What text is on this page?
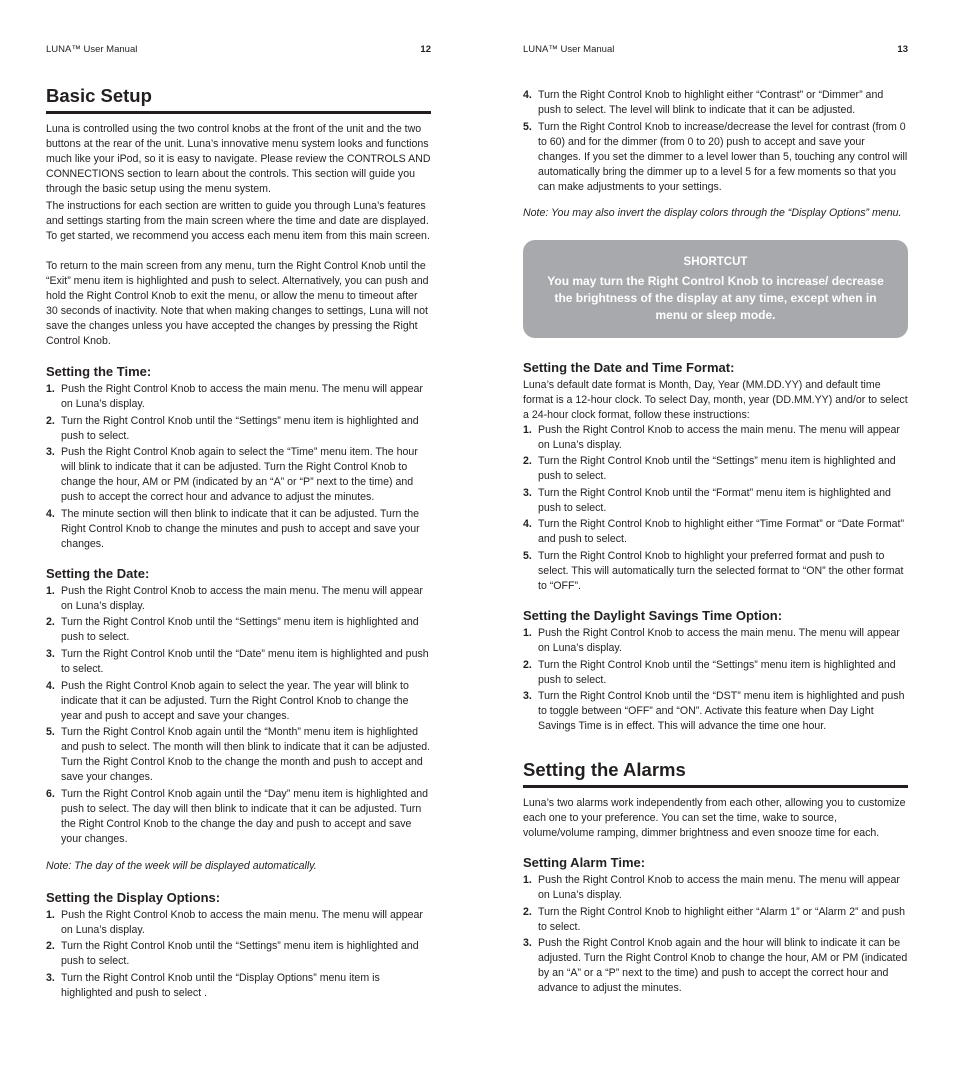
LUNA™ User Manual	12
Basic Setup

Luna is controlled using the two control knobs at the front of the unit and the two buttons at the rear of the unit. Luna’s innovative menu system looks and functions much like your iPod, so it is easy to navigate. Please review the CONTROLS AND CONNECTIONS section to learn about the controls. This section will guide you through the basic setup using the menu system.

The instructions for each section are written to guide you through Luna’s features and settings starting from the main screen where the time and date are displayed. To get started, we recommend you access each menu item from this main screen.

To return to the main screen from any menu, turn the Right Control Knob until the “Exit” menu item is highlighted and push to select. Alternatively, you can push and hold the Right Control Knob to exit the menu, or allow the menu to timeout after 30 seconds of inactivity. Note that when making changes to settings, Luna will not save the changes unless you have accepted the changes by pressing the Right Control Knob.

Setting the Time:
1. Push the Right Control Knob to access the main menu. The menu will appear on Luna’s display.
2. Turn the Right Control Knob until the “Settings” menu item is highlighted and push to select.
3. Push the Right Control Knob again to select the “Time” menu item. The hour will blink to indicate that it can be adjusted. Turn the Right Control Knob to change the hour, AM or PM (indicated by an “A” or “P” next to the time) and push to accept the correct hour and advance to adjust the minutes.
4. The minute section will then blink to indicate that it can be adjusted. Turn the Right Control Knob to change the minutes and push to accept and save your changes.
Setting the Date:
1. Push the Right Control Knob to access the main menu. The menu will appear on Luna’s display.
2. Turn the Right Control Knob until the “Settings” menu item is highlighted and push to select.
3. Turn the Right Control Knob until the “Date” menu item is highlighted and push to select.
4. Push the Right Control Knob again to select the year. The year will blink to indicate that it can be adjusted. Turn the Right Control Knob to change the year and push to accept and save your changes.
5. Turn the Right Control Knob again until the “Month” menu item is highlighted and push to select. The month will then blink to indicate that it can be adjusted. Turn the Right Control Knob to the change the month and push to accept and save your changes.
6. Turn the Right Control Knob again until the “Day” menu item is highlighted and push to select. The day will then blink to indicate that it can be adjusted. Turn the Right Control Knob to the change the day and push to accept and save your changes.

Note: The day of the week will be displayed automatically.

Setting the Display Options:
1. Push the Right Control Knob to access the main menu. The menu will appear on Luna’s display.
2. Turn the Right Control Knob until the “Settings” menu item is highlighted and push to select.
3. Turn the Right Control Knob until the “Display Options” menu item is highlighted and push to select .
LUNA™ User Manual	13
4. Turn the Right Control Knob to highlight either “Contrast” or “Dimmer” and push to select. The level will blink to indicate that it can be adjusted.
5. Turn the Right Control Knob to increase/decrease the level for contrast (from 0 to 60) and for the dimmer (from 0 to 20) push to accept and save your changes. If you set the dimmer to a level lower than 5, touching any control will automatically bring the dimmer up to a level 5 for a few moments so that you can make adjustments to your settings.

Note: You may also invert the display colors through the “Display Options” menu.

SHORTCUT
You may turn the Right Control Knob to increase/ decrease the brightness of the display at any time, except when in menu or sleep mode.
Setting the Date and Time Format:

Luna’s default date format is Month, Day, Year (MM.DD.YY) and default time format is a 12-hour clock. To select Day, month, year (DD.MM.YY) and/or to select a 24-hour clock format, follow these instructions:

1. Push the Right Control Knob to access the main menu. The menu will appear on Luna’s display.
2. Turn the Right Control Knob until the “Settings” menu item is highlighted and push to select.
3. Turn the Right Control Knob until the “Format” menu item is highlighted and push to select.
4. Turn the Right Control Knob to highlight either “Time Format” or “Date Format” and push to select.
5. Turn the Right Control Knob to highlight your preferred format and push to select. This will automatically turn the selected format to “ON” the other format to “OFF”.
Setting the Daylight Savings Time Option:
1. Push the Right Control Knob to access the main menu. The menu will appear on Luna’s display.
2. Turn the Right Control Knob until the “Settings” menu item is highlighted and push to select.
3. Turn the Right Control Knob until the “DST” menu item is highlighted and push to toggle between “OFF” and “ON”. Activate this feature when Day Light Savings Time is in effect. This will advance the time one hour.
Setting the Alarms

Luna’s two alarms work independently from each other, allowing you to customize each one to your preference. You can set the time, wake to source, volume/volume ramping, dimmer brightness and even snooze time for each.

Setting Alarm Time:
1. Push the Right Control Knob to access the main menu. The menu will appear on Luna’s display.
2. Turn the Right Control Knob to highlight either “Alarm 1” or “Alarm 2” and push to select.
3. Push the Right Control Knob again and the hour will blink to indicate it can be adjusted. Turn the Right Control Knob to change the hour, AM or PM (indicated by an “A” or a “P” next to the time) and push to accept the correct hour and advance to adjust the minutes.
